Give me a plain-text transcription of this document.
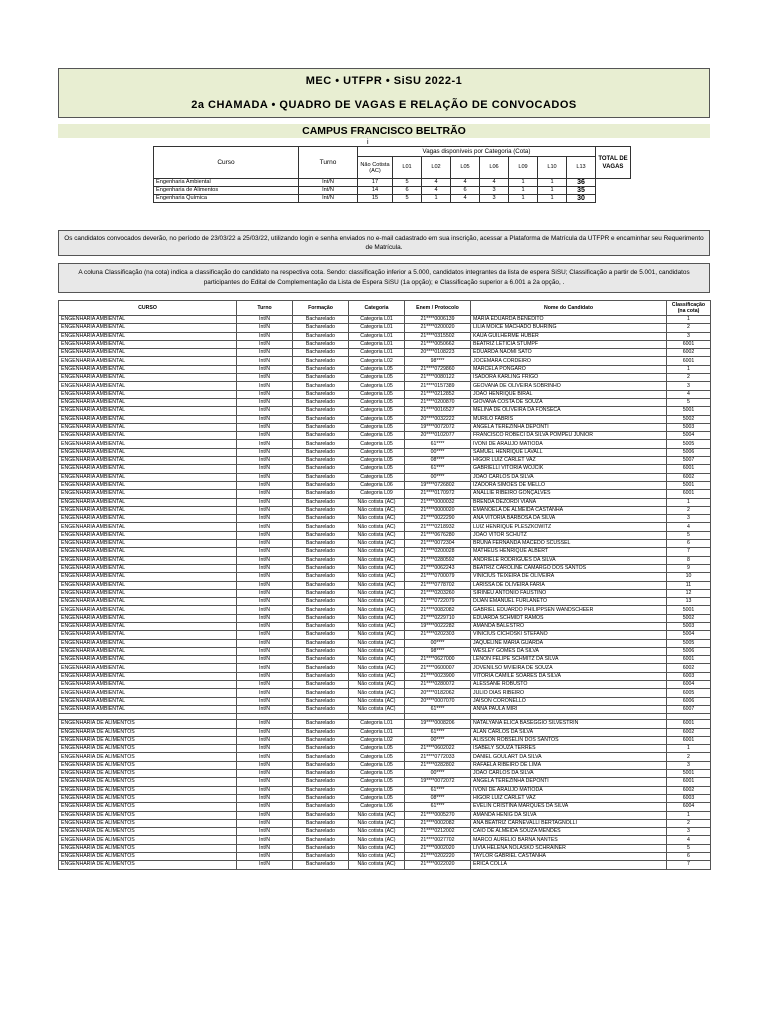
MEC • UTFPR • SiSU 2022-1
2a CHAMADA • QUADRO DE VAGAS E RELAÇÃO DE CONVOCADOS
CAMPUS FRANCISCO BELTRÃO
i
Curso	Turno	Vagas disponíveis por Categoria (Cota)								TOTAL DE VAGAS
		Não Cotista (AC)	L01	L02	L05	L06	L09	L10	L13	
Engenharia Ambiental	Int/N	17	5	4	4	4	1	1	36	
Engenharia de Alimentos	Int/N	14	6	4	6	3	1	1	35	
Engenharia Química	Int/N	15	5	1	4	3	1	1	30	
Os candidatos convocados deverão, no período de 23/03/22 a 25/03/22, utilizando login e senha enviados no e-mail cadastrado em sua inscrição, acessar a Plataforma de Matrícula da UTFPR e encaminhar seu Requerimento de Matrícula.
A coluna Classificação (na cota) indica a classificação do candidato na respectiva cota. Sendo: classificação inferior a 5.000, candidatos integrantes da lista de espera SiSU; Classificação a partir de 5.001, candidatos participantes do Edital de Complementação da Lista de Espera SiSU (1a opção); e Classificação superior a 6.001 a 2a opção, .
CURSO	Turno	Formação	Categoria	Enem / Protocolo	Nome do Candidato	Classificação (na cota)
ENGENHARIA AMBIENTAL	Int/N	Bacharelado	Categoria L01	21****0006139	MARIA EDUARDA BENEDITO	1
ENGENHARIA AMBIENTAL	Int/N	Bacharelado	Categoria L01	21****0200020	LILIA MOICE MACHADO BUHRING	2
ENGENHARIA AMBIENTAL	Int/N	Bacharelado	Categoria L01	21****0315502	KAUA GUILHERME HUBER	3
ENGENHARIA AMBIENTAL	Int/N	Bacharelado	Categoria L01	21****0050662	BEATRIZ LETICIA STUMPF	6001
ENGENHARIA AMBIENTAL	Int/N	Bacharelado	Categoria L01	20****0108223	EDUARDA NAOMI SATO	6002
ENGENHARIA AMBIENTAL	Int/N	Bacharelado	Categoria L02	98****	JOCEMARA CORDEIRO	6001
ENGENHARIA AMBIENTAL	Int/N	Bacharelado	Categoria L05	21****0729860	MARCELA PONGARO	1
ENGENHARIA AMBIENTAL	Int/N	Bacharelado	Categoria L05	21****0080122	ISADORA KARLING FRIGO	2
ENGENHARIA AMBIENTAL	Int/N	Bacharelado	Categoria L05	21****0157389	GEOVANA DE OLIVEIRA SOBRINHO	3
ENGENHARIA AMBIENTAL	Int/N	Bacharelado	Categoria L05	21****0212852	JOAO HENRIQUE BIRAL	4
ENGENHARIA AMBIENTAL	Int/N	Bacharelado	Categoria L05	21****0200870	GIOVANA COSTA DE SOUZA	5
ENGENHARIA AMBIENTAL	Int/N	Bacharelado	Categoria L05	21****0016527	MELINA DE OLIVEIRA DA FONSECA	5001
ENGENHARIA AMBIENTAL	Int/N	Bacharelado	Categoria L05	20****0032222	MURILO FABRIS	5002
ENGENHARIA AMBIENTAL	Int/N	Bacharelado	Categoria L05	19****0072072	ANGELA TEREZINHA DEPONTI	5003
ENGENHARIA AMBIENTAL	Int/N	Bacharelado	Categoria L05	20****0102077	FRANCISCO ROBECI DA SILVA POMPEU JUNIOR	5004
ENGENHARIA AMBIENTAL	Int/N	Bacharelado	Categoria L05	61****	IVONI DE ARAUJO MATIODA	5005
ENGENHARIA AMBIENTAL	Int/N	Bacharelado	Categoria L05	00****	SAMUEL HENRIQUE LAVALL	5006
ENGENHARIA AMBIENTAL	Int/N	Bacharelado	Categoria L05	08****	HIGOR LUIZ CARLET VAZ	5007
ENGENHARIA AMBIENTAL	Int/N	Bacharelado	Categoria L05	61****	GABRIELLI VITÓRIA WOJCIK	6001
ENGENHARIA AMBIENTAL	Int/N	Bacharelado	Categoria L05	00****	JOAO CARLOS DA SILVA	6002
ENGENHARIA AMBIENTAL	Int/N	Bacharelado	Categoria L06	19****0726802	IZADORA SIMOES DE MELLO	5001
ENGENHARIA AMBIENTAL	Int/N	Bacharelado	Categoria L09	21****0170972	ANALLIE RIBEIRO GONÇALVES	6001
ENGENHARIA AMBIENTAL	Int/N	Bacharelado	Não cotista (AC)	21****0000032	BRENDA DEZORDI VIANA	1
ENGENHARIA AMBIENTAL	Int/N	Bacharelado	Não cotista (AC)	21****0000020	EMANOELA DE ALMEIDA CASTANHA	2
ENGENHARIA AMBIENTAL	Int/N	Bacharelado	Não cotista (AC)	21****0022290	ANA VITÓRIA BARBOSA DA SILVA	3
ENGENHARIA AMBIENTAL	Int/N	Bacharelado	Não cotista (AC)	21****0218932	LUIZ HENRIQUE PLESZKOWITZ	4
ENGENHARIA AMBIENTAL	Int/N	Bacharelado	Não cotista (AC)	21****0676280	JOAO VITOR SCHUTZ	5
ENGENHARIA AMBIENTAL	Int/N	Bacharelado	Não cotista (AC)	21****0072304	BRUNA FERNANDA MACEDO SCUSSEL	6
ENGENHARIA AMBIENTAL	Int/N	Bacharelado	Não cotista (AC)	21****0200028	MATHEUS HENRIQUE ALBERT	7
ENGENHARIA AMBIENTAL	Int/N	Bacharelado	Não cotista (AC)	21****0280592	ANDRIELE RODRIGUES DA SILVA	8
ENGENHARIA AMBIENTAL	Int/N	Bacharelado	Não cotista (AC)	21****0062243	BEATRIZ CAROLINE CAMARGO DOS SANTOS	9
ENGENHARIA AMBIENTAL	Int/N	Bacharelado	Não cotista (AC)	21****0700079	VINICIUS TEIXEIRA DE OLIVEIRA	10
ENGENHARIA AMBIENTAL	Int/N	Bacharelado	Não cotista (AC)	21****0778702	LARISSA DE OLIVEIRA FARIA	11
ENGENHARIA AMBIENTAL	Int/N	Bacharelado	Não cotista (AC)	21****0203260	SIRINEU ANTONIO FAUSTINO	12
ENGENHARIA AMBIENTAL	Int/N	Bacharelado	Não cotista (AC)	21****0722079	DIJAN EMANUEL FURLANETO	13
ENGENHARIA AMBIENTAL	Int/N	Bacharelado	Não cotista (AC)	21****0082082	GABRIEL EDUARDO PHILIPPSEN WANDSCHEER	5001
ENGENHARIA AMBIENTAL	Int/N	Bacharelado	Não cotista (AC)	21****0229710	EDUARDA SCHMIDT RAMOS	5002
ENGENHARIA AMBIENTAL	Int/N	Bacharelado	Não cotista (AC)	19****0022282	AMANDA BALESTRO	5003
ENGENHARIA AMBIENTAL	Int/N	Bacharelado	Não cotista (AC)	21****0202303	VINICIUS CICHOSKI STEFANO	5004
ENGENHARIA AMBIENTAL	Int/N	Bacharelado	Não cotista (AC)	00****	JAQUELINE MARIA GUARDA	5005
ENGENHARIA AMBIENTAL	Int/N	Bacharelado	Não cotista (AC)	98****	WESLEY GOMES DA SILVA	5006
ENGENHARIA AMBIENTAL	Int/N	Bacharelado	Não cotista (AC)	21****0627000	LENON FELIPE SCHMITZ DA SILVA	6001
ENGENHARIA AMBIENTAL	Int/N	Bacharelado	Não cotista (AC)	21****0600007	JOVENILSO MVIEIRA DE SOUZA	6002
ENGENHARIA AMBIENTAL	Int/N	Bacharelado	Não cotista (AC)	21****0023900	VITORIA CAMILE SOARES DA SILVA	6003
ENGENHARIA AMBIENTAL	Int/N	Bacharelado	Não cotista (AC)	21****0280072	ALESSANE ROBUSTO	6004
ENGENHARIA AMBIENTAL	Int/N	Bacharelado	Não cotista (AC)	20****0182062	JULIO DIAS RIBEIRO	6005
ENGENHARIA AMBIENTAL	Int/N	Bacharelado	Não cotista (AC)	20****0007070	JAISON CORONELLO	6006
ENGENHARIA AMBIENTAL	Int/N	Bacharelado	Não cotista (AC)	61****	ANNA PAULA MIRI	6007

ENGENHARIA DE ALIMENTOS	Int/N	Bacharelado	Categoria L01	19****0008206	NATALYANA ELICA BASEGGIO SILVESTRIN	6001
ENGENHARIA DE ALIMENTOS	Int/N	Bacharelado	Categoria L01	61****	ALAN CARLOS DA SILVA	6002
ENGENHARIA DE ALIMENTOS	Int/N	Bacharelado	Categoria L02	00****	ALISSON ROBSELIN DOS SANTOS	6001
ENGENHARIA DE ALIMENTOS	Int/N	Bacharelado	Categoria L05	21****0602022	ISABELY SOUZA TERRES	1
ENGENHARIA DE ALIMENTOS	Int/N	Bacharelado	Categoria L05	21****0772033	DANIEL GOULART DA SILVA	2
ENGENHARIA DE ALIMENTOS	Int/N	Bacharelado	Categoria L05	21****0282802	RAFAELA RIBEIRO DE LIMA	3
ENGENHARIA DE ALIMENTOS	Int/N	Bacharelado	Categoria L05	00****	JOAO CARLOS DA SILVA	5001
ENGENHARIA DE ALIMENTOS	Int/N	Bacharelado	Categoria L05	19****0072072	ANGELA TEREZINHA DEPONTI	6001
ENGENHARIA DE ALIMENTOS	Int/N	Bacharelado	Categoria L05	61****	IVONI DE ARAUJO MATIODA	6002
ENGENHARIA DE ALIMENTOS	Int/N	Bacharelado	Categoria L05	08****	HIGOR LUIZ CARLET VAZ	6003
ENGENHARIA DE ALIMENTOS	Int/N	Bacharelado	Categoria L06	61****	EVELIN CRISTINA MARQUES DA SILVA	6004
ENGENHARIA DE ALIMENTOS	Int/N	Bacharelado	Não cotista (AC)	21****0005270	AMANDA HENIG DA SILVA	1
ENGENHARIA DE ALIMENTOS	Int/N	Bacharelado	Não cotista (AC)	21****0002082	ANA BEATRIZ CARNEVALLI BERTAGNOLLI	2
ENGENHARIA DE ALIMENTOS	Int/N	Bacharelado	Não cotista (AC)	21****0212002	CAIO DE ALMEIDA SOUZA MENDES	3
ENGENHARIA DE ALIMENTOS	Int/N	Bacharelado	Não cotista (AC)	21****0027702	MARCO AURELIO BARNA NANTES	4
ENGENHARIA DE ALIMENTOS	Int/N	Bacharelado	Não cotista (AC)	21****0002020	LIVIA HELENA NOLASKO SCHRAINER	5
ENGENHARIA DE ALIMENTOS	Int/N	Bacharelado	Não cotista (AC)	21****0202220	TAYLOR GABRIEL CASTANHA	6
ENGENHARIA DE ALIMENTOS	Int/N	Bacharelado	Não cotista (AC)	21****0022020	ERICA COLLA	7
